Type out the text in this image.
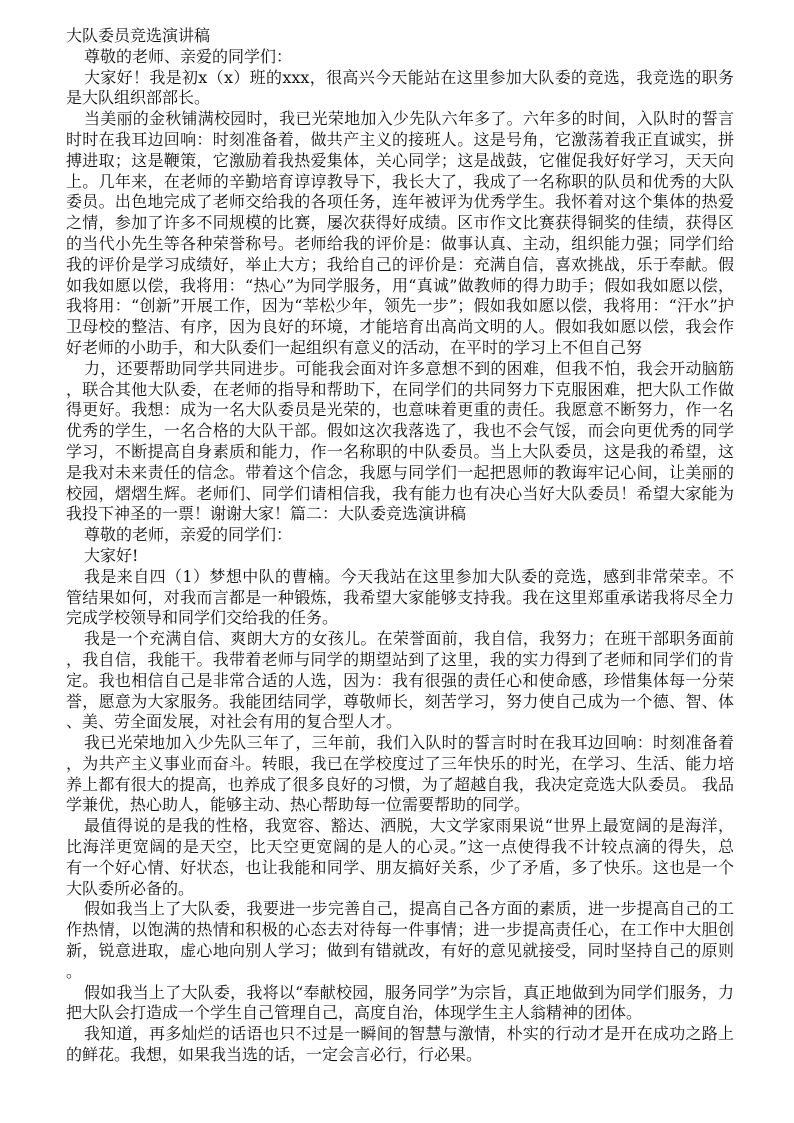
大队委员竞选演讲稿
尊敬的老师、亲爱的同学们：
大家好！我是初x（x）班的xxx，很高兴今天能站在这里参加大队委的竞选，我竞选的职务
是大队组织部部长。
当美丽的金秋铺满校园时，我已光荣地加入少先队六年多了。六年多的时间，入队时的誓言
时时在我耳边回响：时刻准备着，做共产主义的接班人。这是号角，它激荡着我正直诚实，拼
搏进取；这是鞭策，它激励着我热爱集体，关心同学；这是战鼓，它催促我好好学习，天天向
上。几年来，在老师的辛勤培育谆谆教导下，我长大了，我成了一名称职的队员和优秀的大队
委员。出色地完成了老师交给我的各项任务，连年被评为优秀学生。我怀着对这个集体的热爱
之情，参加了许多不同规模的比赛，屡次获得好成绩。区市作文比赛获得铜奖的佳绩，获得区
的当代小先生等各种荣誉称号。老师给我的评价是：做事认真、主动，组织能力强；同学们给
我的评价是学习成绩好，举止大方；我给自己的评价是：充满自信，喜欢挑战，乐于奉献。假
如我如愿以偿，我将用：“热心”为同学服务，用“真诚”做教师的得力助手；假如我如愿以偿，
我将用：“创新”开展工作，因为“莘松少年，领先一步”；假如我如愿以偿，我将用：“汗水”护
卫母校的整洁、有序，因为良好的环境，才能培育出高尚文明的人。假如我如愿以偿，我会作
好老师的小助手，和大队委们一起组织有意义的活动，在平时的学习上不但自己努
力，还要帮助同学共同进步。可能我会面对许多意想不到的困难，但我不怕，我会开动脑筋
，联合其他大队委，在老师的指导和帮助下，在同学们的共同努力下克服困难，把大队工作做
得更好。我想：成为一名大队委员是光荣的，也意味着更重的责任。我愿意不断努力，作一名
优秀的学生，一名合格的大队干部。假如这次我落选了，我也不会气馁，而会向更优秀的同学
学习，不断提高自身素质和能力，作一名称职的中队委员。当上大队委员，这是我的希望，这
是我对未来责任的信念。带着这个信念，我愿与同学们一起把恩师的教诲牢记心间，让美丽的
校园，熠熠生辉。老师们、同学们请相信我，我有能力也有决心当好大队委员！希望大家能为
我投下神圣的一票！谢谢大家！篇二：大队委竞选演讲稿
尊敬的老师，亲爱的同学们：
大家好!
我是来自四（1）梦想中队的曹楠。今天我站在这里参加大队委的竞选，感到非常荣幸。不
管结果如何，对我而言都是一种锻炼，我希望大家能够支持我。我在这里郑重承诺我将尽全力
完成学校领导和同学们交给我的任务。
我是一个充满自信、爽朗大方的女孩儿。在荣誉面前，我自信，我努力；在班干部职务面前
，我自信，我能干。我带着老师与同学的期望站到了这里，我的实力得到了老师和同学们的肯
定。我也相信自己是非常合适的人选，因为：我有很强的责任心和使命感，珍惜集体每一分荣
誉，愿意为大家服务。我能团结同学，尊敬师长，刻苦学习，努力使自己成为一个德、智、体
、美、劳全面发展，对社会有用的复合型人才。
我已光荣地加入少先队三年了，三年前，我们入队时的誓言时时在我耳边回响：时刻准备着
，为共产主义事业而奋斗。转眼，我已在学校度过了三年快乐的时光，在学习、生活、能力培
养上都有很大的提高，也养成了很多良好的习惯，为了超越自我，我决定竞选大队委员。 我品
学兼优，热心助人，能够主动、热心帮助每一位需要帮助的同学。
最值得说的是我的性格，我宽容、豁达、洒脱，大文学家雨果说“世界上最宽阔的是海洋，
比海洋更宽阔的是天空，比天空更宽阔的是人的心灵。”这一点使得我不计较点滴的得失，总
有一个好心情、好状态，也让我能和同学、朋友搞好关系，少了矛盾，多了快乐。这也是一个
大队委所必备的。
假如我当上了大队委，我要进一步完善自己，提高自己各方面的素质，进一步提高自己的工
作热情，以饱满的热情和积极的心态去对待每一件事情；进一步提高责任心，在工作中大胆创
新，锐意进取，虚心地向别人学习；做到有错就改，有好的意见就接受，同时坚持自己的原则
。
假如我当上了大队委，我将以“奉献校园，服务同学”为宗旨，真正地做到为同学们服务，力
把大队会打造成一个学生自己管理自己，高度自治，体现学生主人翁精神的团体。
我知道，再多灿烂的话语也只不过是一瞬间的智慧与激情，朴实的行动才是开在成功之路上
的鲜花。我想，如果我当选的话，一定会言必行，行必果。
